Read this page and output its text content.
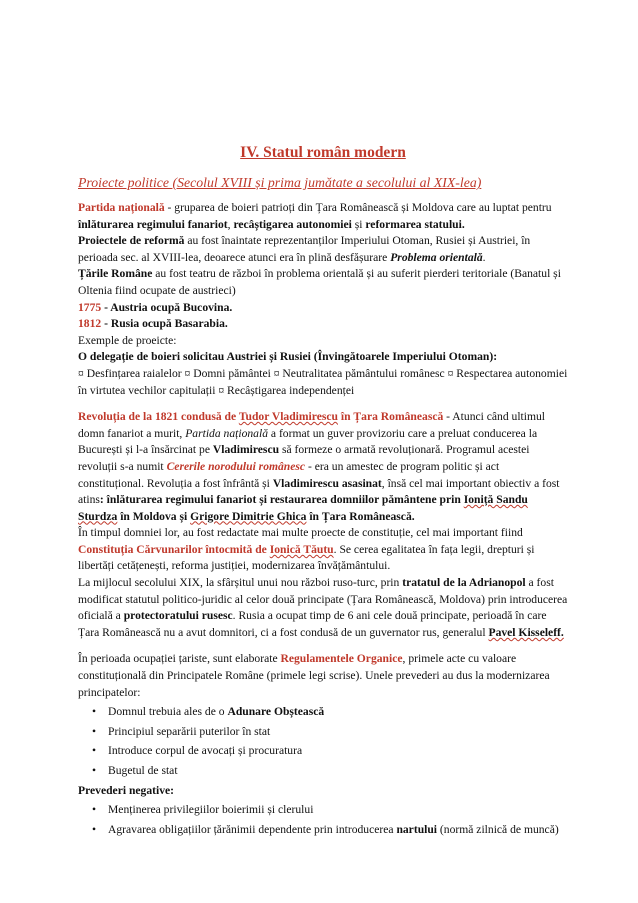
IV. Statul român modern
Proiecte politice (Secolul XVIII și prima jumătate a secolului al XIX-lea)

Partida națională - gruparea de boieri patrioți din Țara Românească și Moldova care au luptat pentru înlăturarea regimului fanariot, recâștigarea autonomiei și reformarea statului.

Proiectele de reformă au fost înaintate reprezentanților Imperiului Otoman, Rusiei și Austriei, în perioada sec. al XVIII-lea, deoarece atunci era în plină desfășurare Problema orientală.

Țările Române au fost teatru de război în problema orientală și au suferit pierderi teritoriale (Banatul și Oltenia fiind ocupate de austrieci)

1775 - Austria ocupă Bucovina.

1812 - Rusia ocupă Basarabia.

Exemple de proeicte:

O delegație de boieri solicitau Austriei și Rusiei (Învingătoarele Imperiului Otoman):

¤ Desfințarea raialelor ¤ Domni pământei ¤ Neutralitatea pământului românesc ¤ Respectarea autonomiei în virtutea vechilor capitulații ¤ Recâștigarea independenței

Revoluția de la 1821 condusă de Tudor Vladimirescu în Țara Românească - Atunci când ultimul domn fanariot a murit, Partida națională a format un guver provizoriu care a preluat conducerea la București și l-a însărcinat pe Vladimirescu să formeze o armată revoluționară. Programul acestei revoluții s-a numit Cererile norodului românesc - era un amestec de program politic și act constituțional. Revoluția a fost înfrântă și Vladimirescu asasinat, însă cel mai important obiectiv a fost atins: înlăturarea regimului fanariot și restaurarea domniilor pământene prin Ioniță Sandu Sturdza în Moldova și Grigore Dimitrie Ghica în Țara Românească.

În timpul domniei lor, au fost redactate mai multe proecte de constituție, cel mai important fiind Constituția Cărvunarilor întocmită de Ionică Tăutu. Se cerea egalitatea în fața legii, drepturi și libertăți cetățenești, reforma justiției, modernizarea învățământului.

La mijlocul secolului XIX, la sfârșitul unui nou război ruso-turc, prin tratatul de la Adrianopol a fost modificat statutul politico-juridic al celor două principate (Țara Românească, Moldova) prin introducerea oficială a protectoratului rusesc. Rusia a ocupat timp de 6 ani cele două principate, perioadă în care Țara Românească nu a avut domnitori, ci a fost condusă de un guvernator rus, generalul Pavel Kisseleff.

În perioada ocupației țariste, sunt elaborate Regulamentele Organice, primele acte cu valoare constituțională din Principatele Române (primele legi scrise). Unele prevederi au dus la modernizarea principatelor:

• Domnul trebuia ales de o Adunare Obștească
• Principiul separării puterilor în stat
• Introduce corpul de avocați și procuratura
• Bugetul de stat

Prevederi negative:

• Menținerea privilegiilor boierimii și clerului
• Agravarea obligațiilor țărănimii dependente prin introducerea nartului (normă zilnică de muncă)
